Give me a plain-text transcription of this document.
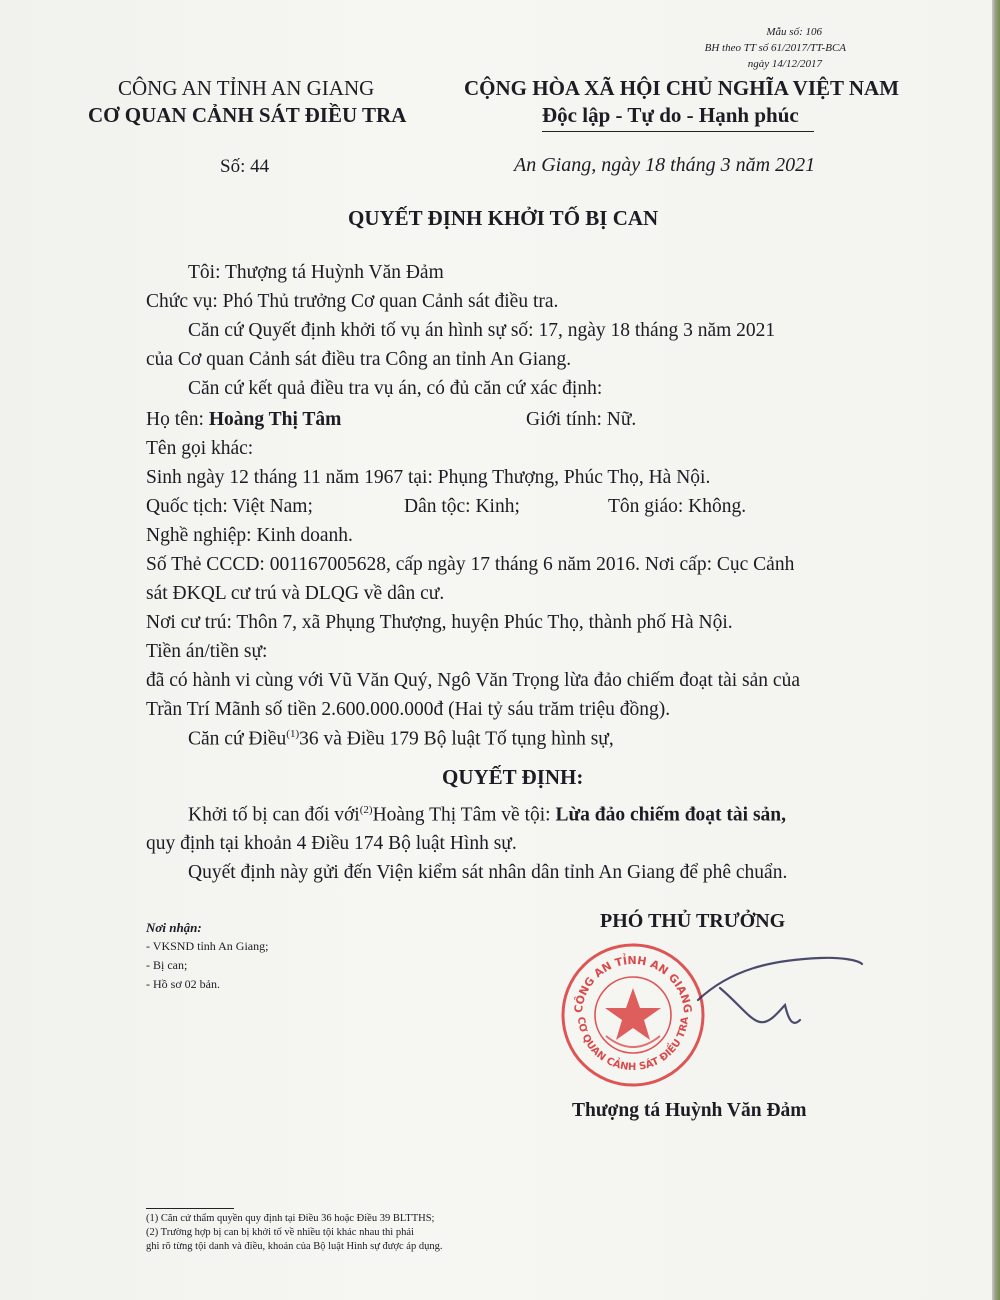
Mẫu số: 106
BH theo TT số 61/2017/TT-BCA
ngày 14/12/2017
CÔNG AN TỈNH AN GIANG
CƠ QUAN CẢNH SÁT ĐIỀU TRA
CỘNG HÒA XÃ HỘI CHỦ NGHĨA VIỆT NAM
Độc lập - Tự do - Hạnh phúc
Số: 44	An Giang, ngày 18 tháng 3 năm 2021
QUYẾT ĐỊNH KHỞI TỐ BỊ CAN
Tôi: Thượng tá Huỳnh Văn Đảm
Chức vụ: Phó Thủ trưởng Cơ quan Cảnh sát điều tra.
Căn cứ Quyết định khởi tố vụ án hình sự số: 17, ngày 18 tháng 3 năm 2021
của Cơ quan Cảnh sát điều tra Công an tỉnh An Giang.
Căn cứ kết quả điều tra vụ án, có đủ căn cứ xác định:
Họ tên: Hoàng Thị Tâm	Giới tính: Nữ.
Tên gọi khác:
Sinh ngày 12 tháng 11 năm 1967 tại: Phụng Thượng, Phúc Thọ, Hà Nội.
Quốc tịch: Việt Nam;	Dân tộc: Kinh;	Tôn giáo: Không.
Nghề nghiệp: Kinh doanh.
Số Thẻ CCCD: 001167005628, cấp ngày 17 tháng 6 năm 2016. Nơi cấp: Cục Cảnh
sát ĐKQL cư trú và DLQG về dân cư.
Nơi cư trú: Thôn 7, xã Phụng Thượng, huyện Phúc Thọ, thành phố Hà Nội.
Tiền án/tiền sự:
đã có hành vi cùng với Vũ Văn Quý, Ngô Văn Trọng lừa đảo chiếm đoạt tài sản của
Trần Trí Mãnh số tiền 2.600.000.000đ (Hai tỷ sáu trăm triệu đồng).
Căn cứ Điều$^{(1)}$36 và Điều 179 Bộ luật Tố tụng hình sự,
QUYẾT ĐỊNH:
Khởi tố bị can đối với$^{(2)}$Hoàng Thị Tâm về tội: Lừa đảo chiếm đoạt tài sản,
quy định tại khoản 4 Điều 174 Bộ luật Hình sự.
Quyết định này gửi đến Viện kiểm sát nhân dân tỉnh An Giang để phê chuẩn.
Nơi nhận:
- VKSND tỉnh An Giang;
- Bị can;
- Hồ sơ 02 bản.
PHÓ THỦ TRƯỞNG
CÔNG AN TỈNH AN GIANG
CƠ QUAN CẢNH SÁT ĐIỀU TRA
Thượng tá Huỳnh Văn Đảm
(1) Căn cứ thẩm quyền quy định tại Điều 36 hoặc Điều 39 BLTTHS;
(2) Trường hợp bị can bị khởi tố về nhiều tội khác nhau thì phải
ghi rõ từng tội danh và điều, khoản của Bộ luật Hình sự được áp dụng.
